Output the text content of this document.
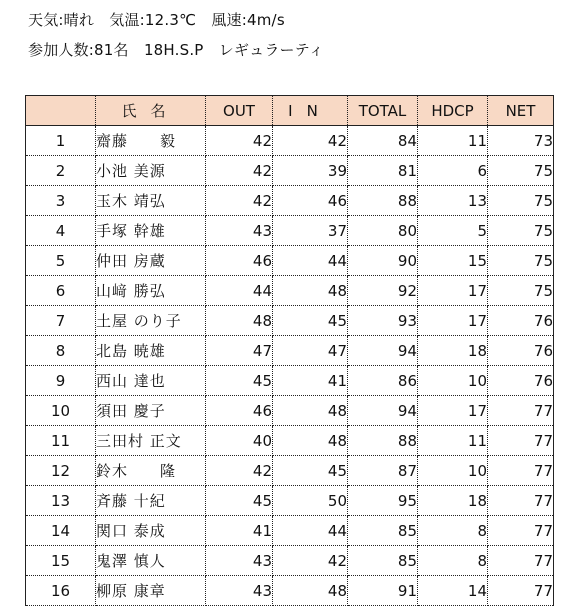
天気:晴れ　気温:12.3℃　風速:4m/s
参加人数:81名　18H.S.P　レギュラーティ
	氏名	OUT	IN	TOTAL	HDCP	NET
1	齋藤　　毅	42	42	84	11	73
2	小池 美源	42	39	81	6	75
3	玉木 靖弘	42	46	88	13	75
4	手塚 幹雄	43	37	80	5	75
5	仲田 房蔵	46	44	90	15	75
6	山﨑 勝弘	44	48	92	17	75
7	土屋 のり子	48	45	93	17	76
8	北島 暁雄	47	47	94	18	76
9	西山 達也	45	41	86	10	76
10	須田 慶子	46	48	94	17	77
11	三田村 正文	40	48	88	11	77
12	鈴木　　隆	42	45	87	10	77
13	斉藤 十紀	45	50	95	18	77
14	関口 泰成	41	44	85	8	77
15	鬼澤 慎人	43	42	85	8	77
16	柳原 康章	43	48	91	14	77
